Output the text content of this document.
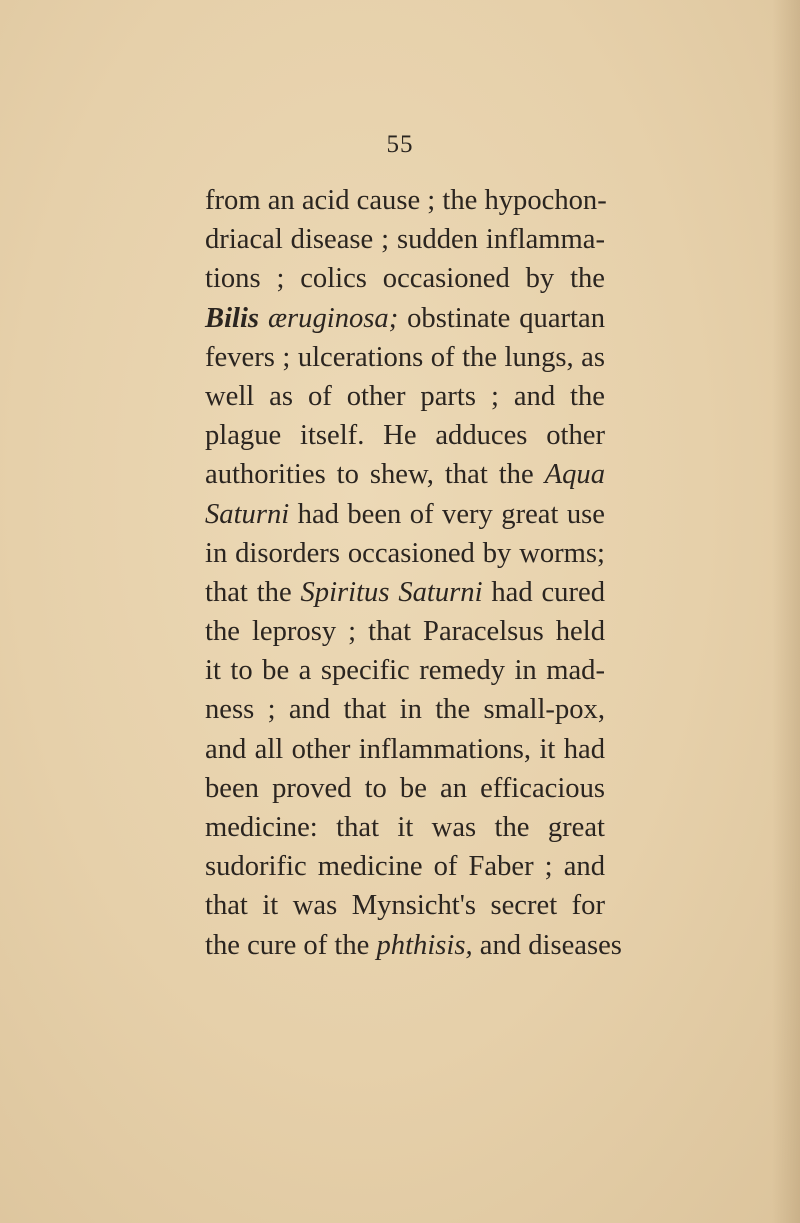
55
from an acid cause ; the hypochon-
driacal disease ; sudden inflamma-
tions ; colics occasioned by the
Bilis æruginosa; obstinate quartan
fevers ; ulcerations of the lungs, as
well as of other parts ; and the
plague itself. He adduces other
authorities to shew, that the Aqua
Saturni had been of very great use
in disorders occasioned by worms;
that the Spiritus Saturni had cured
the leprosy ; that Paracelsus held
it to be a specific remedy in mad-
ness ; and that in the small-pox,
and all other inflammations, it had
been proved to be an efficacious
medicine: that it was the great
sudorific medicine of Faber ; and
that it was Mynsicht's secret for
the cure of the phthisis, and diseases
